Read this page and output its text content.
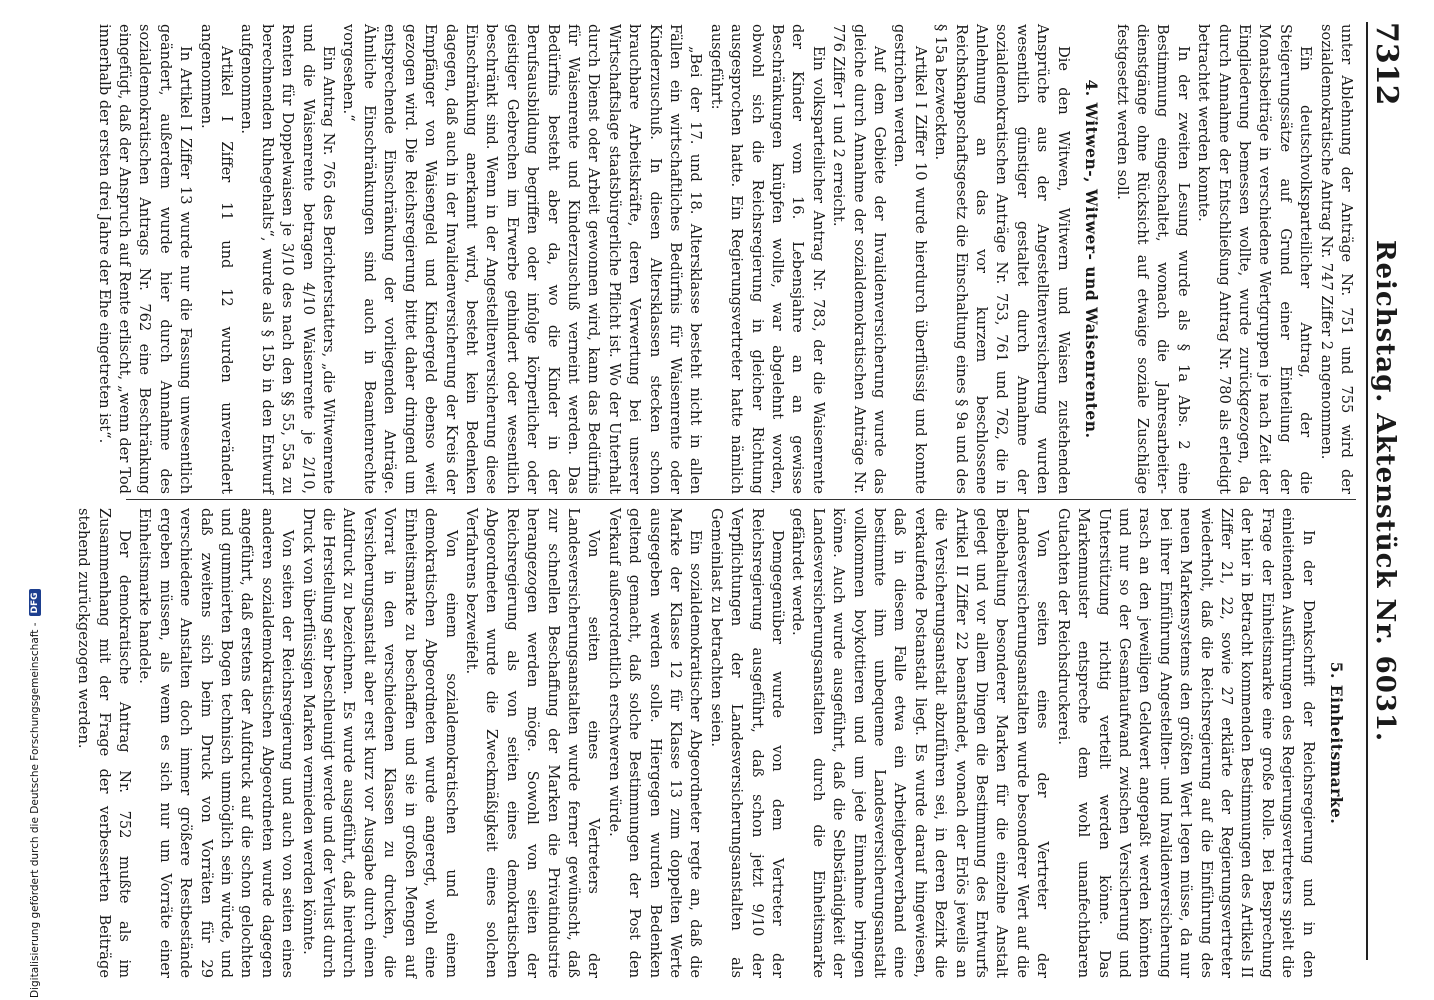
7312
Reichstag. Aktenstück Nr. 6031.

unter Ablehnung der Anträge Nr. 751 und 755 wird der sozialdemokratische Antrag Nr. 747 Ziffer 2 angenommen.

Ein deutschvolksparteilicher Antrag, der die Steigerungssätze auf Grund einer Einteilung der Monatsbeiträge in verschiedene Wertgruppen je nach Zeit der Eingliederung bemessen wollte, wurde zurückgezogen, da durch Annahme der Entschließung Antrag Nr. 780 als erledigt betrachtet werden konnte.

In der zweiten Lesung wurde als § 1a Abs. 2 eine Bestimmung eingeschaltet, wonach die Jahresarbeiter-dienstgänge ohne Rücksicht auf etwaige soziale Zuschläge festgesetzt werden soll.

4. Witwen-, Witwer- und Waisenrenten.

Die den Witwen, Witwern und Waisen zustehenden Ansprüche aus der Angestelltenversicherung wurden wesentlich günstiger gestaltet durch Annahme der sozialdemokratischen Anträge Nr. 753, 761 und 762, die in Anlehnung an das vor kurzem beschlossene Reichsknappschaftsgesetz die Einschaltung eines § 9a und des § 15a bezweckten.

Artikel I Ziffer 10 wurde hierdurch überflüssig und konnte gestrichen werden.

Auf dem Gebiete der Invalidenversicherung wurde das gleiche durch Annahme der sozialdemokratischen Anträge Nr. 776 Ziffer 1 und 2 erreicht.

Ein volksparteilicher Antrag Nr. 783, der die Waisenrente der Kinder vom 16. Lebensjahre an an gewisse Beschränkungen knüpfen wollte, war abgelehnt worden, obwohl sich die Reichsregierung in gleicher Richtung ausgesprochen hatte. Ein Regierungsvertreter hatte nämlich ausgeführt:

„Bei der 17. und 18. Altersklasse besteht nicht in allen Fällen ein wirtschaftliches Bedürfnis für Waisenrente oder Kinderzuschuß. In diesen Altersklassen stecken schon brauchbare Arbeitskräfte, deren Verwertung bei unserer Wirtschaftslage staatsbürgerliche Pflicht ist. Wo der Unterhalt durch Dienst oder Arbeit gewonnen wird, kann das Bedürfnis für Waisenrente und Kinderzuschuß verneint werden. Das Bedürfnis besteht aber da, wo die Kinder in der Berufsausbildung begriffen oder infolge körperlicher oder geistiger Gebrechen im Erwerbe gehindert oder wesentlich beschränkt sind. Wenn in der Angestelltenversicherung diese Einschränkung anerkannt wird, besteht kein Bedenken dagegen, daß auch in der Invalidenversicherung der Kreis der Empfänger von Waisengeld und Kindergeld ebenso weit gezogen wird. Die Reichsregierung bittet daher dringend um entsprechende Einschränkung der vorliegenden Anträge. Ähnliche Einschränkungen sind auch in Beamtenrechte vorgesehen.“

Ein Antrag Nr. 765 des Berichterstatters, „die Witwenrente und die Waisenrente betragen 4/10 Waisenrente je 2/10, Renten für Doppelwaisen je 3/10 des nach den §§ 55, 55a zu berechnenden Ruhegehalts“, wurde als § 15b in den Entwurf aufgenommen.

Artikel I Ziffer 11 und 12 wurden unverändert angenommen.

In Artikel I Ziffer 13 wurde nur die Fassung unwesentlich geändert, außerdem wurde hier durch Annahme des sozialdemokratischen Antrags Nr. 762 eine Beschränkung eingefügt, daß der Anspruch auf Rente erlischt, „wenn der Tod innerhalb der ersten drei Jahre der Ehe eingetreten ist“.

5. Einheitsmarke.

In der Denkschrift der Reichsregierung und in den einleitenden Ausführungen des Regierungsvertreters spielt die Frage der Einheitsmarke eine große Rolle. Bei Besprechung der hier in Betracht kommenden Bestimmungen des Artikels II Ziffer 21, 22, sowie 27 erklärte der Regierungsvertreter wiederholt, daß die Reichsregierung auf die Einführung des neuen Markensystems den größten Wert legen müsse, da nur bei ihrer Einführung Angestellten- und Invalidenversicherung rasch an den jeweiligen Geldwert angepaßt werden könnten und nur so der Gesamtaufwand zwischen Versicherung und Unterstützung richtig verteilt werden könne. Das Markenmuster entspreche dem wohl unanfechtbaren Gutachten der Reichsdruckerei.

Von seiten eines der Vertreter der Landesversicherungsanstalten wurde besonderer Wert auf die Beibehaltung besonderer Marken für die einzelne Anstalt gelegt und vor allem Dingen die Bestimmung des Entwurfs Artikel II Ziffer 22 beanstandet, wonach der Erlös jeweils an die Versicherungsanstalt abzuführen sei, in deren Bezirk die verkaufende Postanstalt liegt. Es wurde darauf hingewiesen, daß in diesem Falle etwa ein Arbeitgeberverband eine bestimmte ihm unbequeme Landesversicherungsanstalt vollkommen boykottieren und um jede Einnahme bringen könne. Auch wurde ausgeführt, daß die Selbständigkeit der Landesversicherungsanstalten durch die Einheitsmarke gefährdet werde.

Demgegenüber wurde von dem Vertreter der Reichsregierung ausgeführt, daß schon jetzt 9/10 der Verpflichtungen der Landesversicherungsanstalten als Gemeinlast zu betrachten seien.

Ein sozialdemokratischer Abgeordneter regte an, daß die Marke der Klasse 12 für Klasse 13 zum doppelten Werte ausgegeben werden solle. Hiergegen wurden Bedenken geltend gemacht, daß solche Bestimmungen der Post den Verkauf außerordentlich erschweren würde.

Von seiten eines Vertreters der Landesversicherungsanstalten wurde ferner gewünscht, daß zur schnellen Beschaffung der Marken die Privatindustrie herangezogen werden möge. Sowohl von seiten der Reichsregierung als von seiten eines demokratischen Abgeordneten wurde die Zweckmäßigkeit eines solchen Verfahrens bezweifelt.

Von einem sozialdemokratischen und einem demokratischen Abgeordneten wurde angeregt, wohl eine Einheitsmarke zu beschaffen und sie in großen Mengen auf Vorrat in den verschiedenen Klassen zu drucken, die Versicherungsanstalt aber erst kurz vor Ausgabe durch einen Aufdruck zu bezeichnen. Es wurde ausgeführt, daß hierdurch die Herstellung sehr beschleunigt werde und der Verlust durch Druck von überflüssigen Marken vermieden werden könnte.

Von seiten der Reichsregierung und auch von seiten eines anderen sozialdemokratischen Abgeordneten wurde dagegen angeführt, daß erstens der Aufdruck auf die schon gelochten und gummierten Bogen technisch unmöglich sein würde, und daß zweitens sich beim Druck von Vorräten für 29 verschiedene Anstalten doch immer größere Restbestände ergeben müssen, als wenn es sich nur um Vorräte einer Einheitsmarke handele.

Der demokratische Antrag Nr. 752 mußte als im Zusammenhang mit der Frage der verbesserten Beiträge stehend zurückgezogen werden.

Digitalisierung gefördert durch die Deutsche Forschungsgemeinschaft -
DFG
